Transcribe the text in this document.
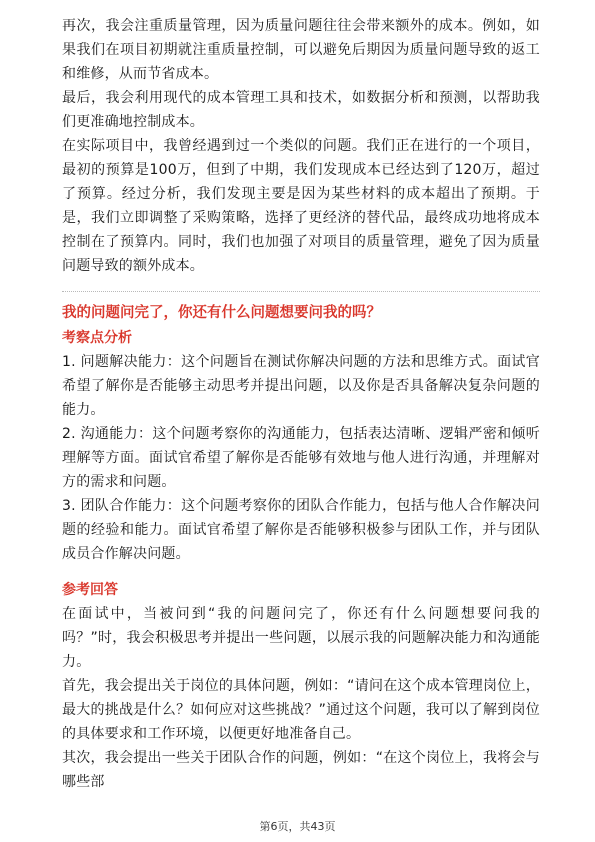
再次，我会注重质量管理，因为质量问题往往会带来额外的成本。例如，如果我们在项目初期就注重质量控制，可以避免后期因为质量问题导致的返工和维修，从而节省成本。

最后，我会利用现代的成本管理工具和技术，如数据分析和预测，以帮助我们更准确地控制成本。

在实际项目中，我曾经遇到过一个类似的问题。我们正在进行的一个项目，最初的预算是100万，但到了中期，我们发现成本已经达到了120万，超过了预算。经过分析，我们发现主要是因为某些材料的成本超出了预期。于是，我们立即调整了采购策略，选择了更经济的替代品，最终成功地将成本控制在了预算内。同时，我们也加强了对项目的质量管理，避免了因为质量问题导致的额外成本。

我的问题问完了，你还有什么问题想要问我的吗？

考察点分析

1. 问题解决能力：这个问题旨在测试你解决问题的方法和思维方式。面试官希望了解你是否能够主动思考并提出问题，以及你是否具备解决复杂问题的能力。

2. 沟通能力：这个问题考察你的沟通能力，包括表达清晰、逻辑严密和倾听理解等方面。面试官希望了解你是否能够有效地与他人进行沟通，并理解对方的需求和问题。

3. 团队合作能力：这个问题考察你的团队合作能力，包括与他人合作解决问题的经验和能力。面试官希望了解你是否能够积极参与团队工作，并与团队成员合作解决问题。

参考回答

在面试中，当被问到“我的问题问完了，你还有什么问题想要问我的吗？”时，我会积极思考并提出一些问题，以展示我的问题解决能力和沟通能力。

首先，我会提出关于岗位的具体问题，例如：“请问在这个成本管理岗位上，最大的挑战是什么？如何应对这些挑战？”通过这个问题，我可以了解到岗位的具体要求和工作环境，以便更好地准备自己。

其次，我会提出一些关于团队合作的问题，例如：“在这个岗位上，我将会与哪些部

第6页，共43页
